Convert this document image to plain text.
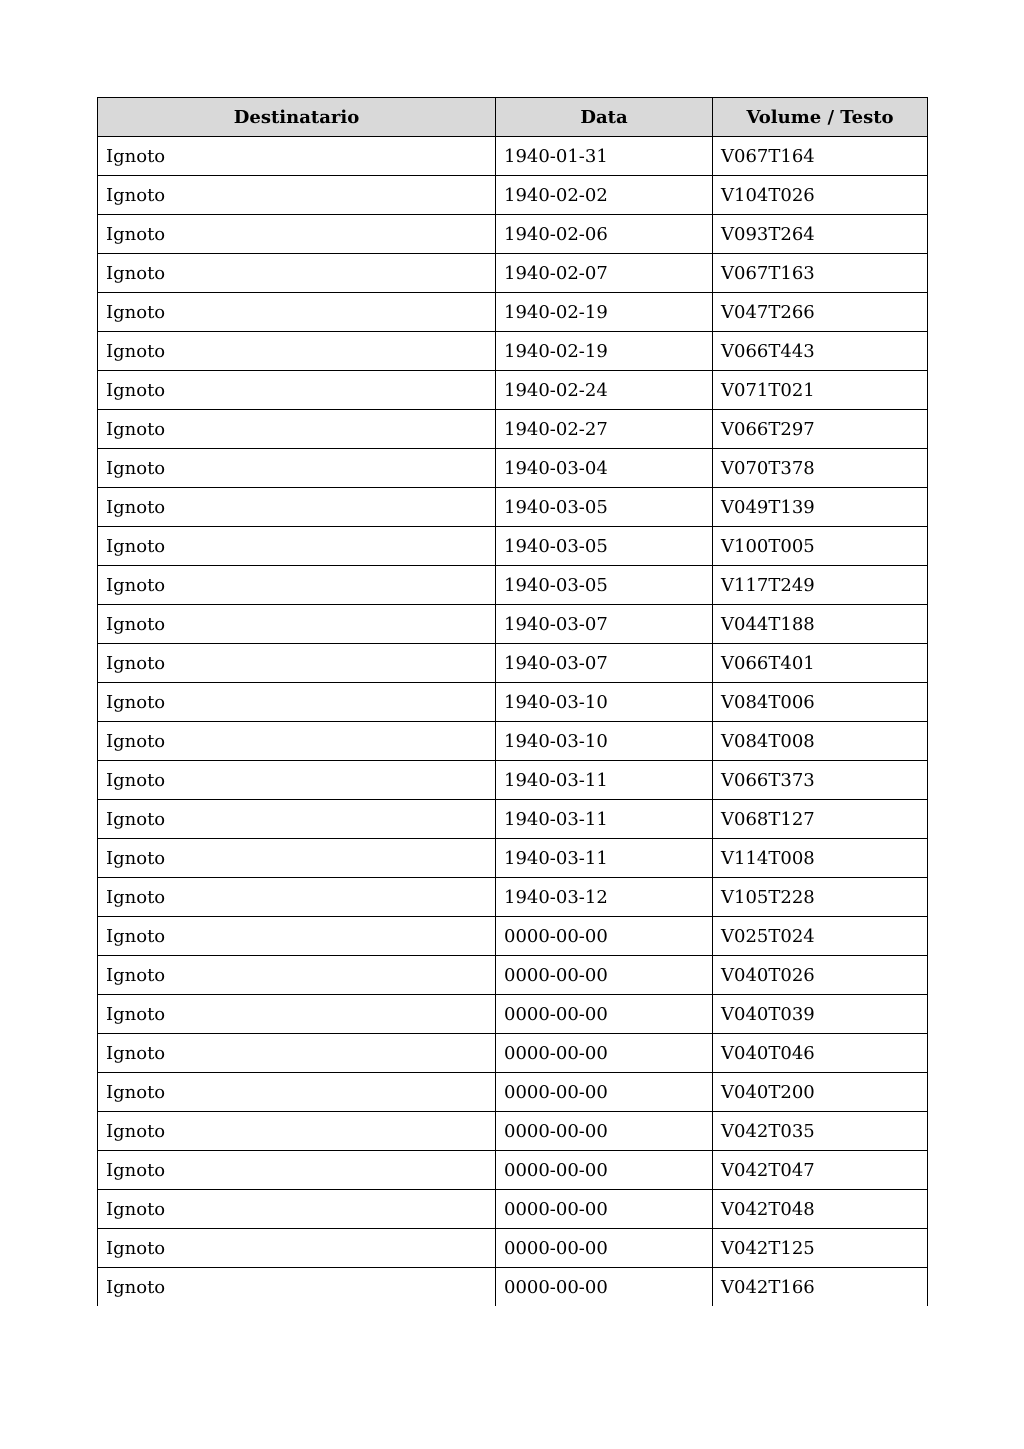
Destinatario	Data	Volume / Testo
Ignoto	1940-01-31	V067T164
Ignoto	1940-02-02	V104T026
Ignoto	1940-02-06	V093T264
Ignoto	1940-02-07	V067T163
Ignoto	1940-02-19	V047T266
Ignoto	1940-02-19	V066T443
Ignoto	1940-02-24	V071T021
Ignoto	1940-02-27	V066T297
Ignoto	1940-03-04	V070T378
Ignoto	1940-03-05	V049T139
Ignoto	1940-03-05	V100T005
Ignoto	1940-03-05	V117T249
Ignoto	1940-03-07	V044T188
Ignoto	1940-03-07	V066T401
Ignoto	1940-03-10	V084T006
Ignoto	1940-03-10	V084T008
Ignoto	1940-03-11	V066T373
Ignoto	1940-03-11	V068T127
Ignoto	1940-03-11	V114T008
Ignoto	1940-03-12	V105T228
Ignoto	0000-00-00	V025T024
Ignoto	0000-00-00	V040T026
Ignoto	0000-00-00	V040T039
Ignoto	0000-00-00	V040T046
Ignoto	0000-00-00	V040T200
Ignoto	0000-00-00	V042T035
Ignoto	0000-00-00	V042T047
Ignoto	0000-00-00	V042T048
Ignoto	0000-00-00	V042T125
Ignoto	0000-00-00	V042T166
